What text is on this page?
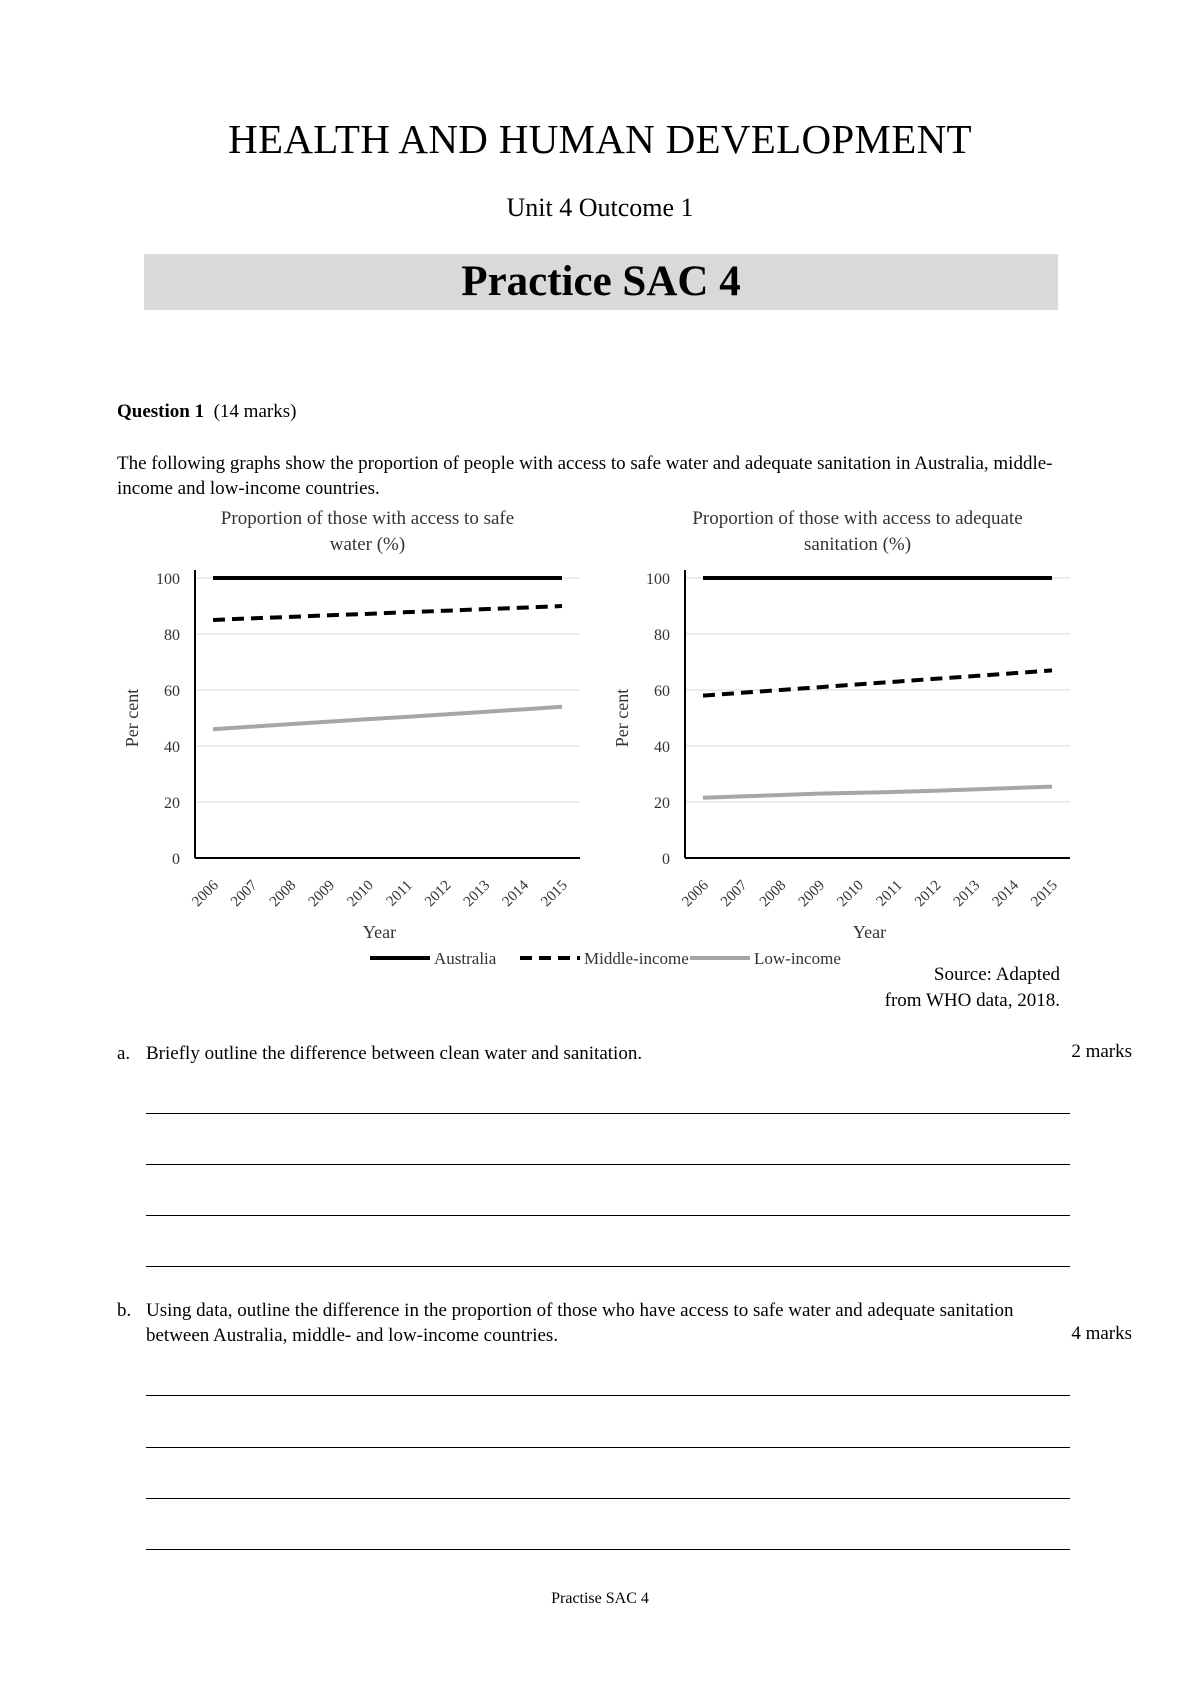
HEALTH AND HUMAN DEVELOPMENT
Unit 4 Outcome 1
Practice SAC 4
Question 1 (14 marks)
The following graphs show the proportion of people with access to safe water and adequate sanitation in Australia, middle-income and low-income countries.
Proportion of those with access to safe
water (%)
0
20
40
60
80
100
2006 2007 2008 2009 2010 2011 2012 2013 2014 2015
Year
Per cent
Proportion of those with access to adequate
sanitation (%)
0
20
40
60
80
100
2006 2007 2008 2009 2010 2011 2012 2013 2014 2015
Year
Per cent
Australia	Middle-income	Low-income
Source: Adapted
from WHO data, 2018.
a. Briefly outline the difference between clean water and sanitation.	2 marks
b. Using data, outline the difference in the proportion of those who have access to safe water and adequate sanitation between Australia, middle- and low-income countries.	4 marks
Practise SAC 4
